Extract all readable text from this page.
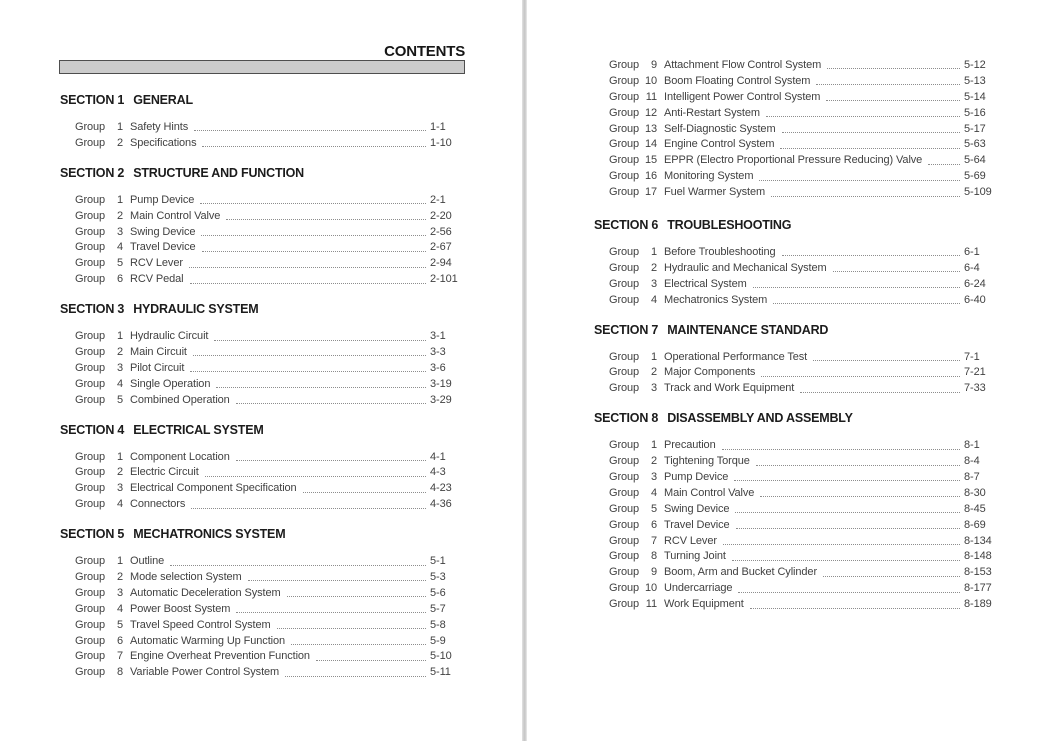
CONTENTS
SECTION 1 GENERAL
Group	1 Safety Hints	1-1
Group	2 Specifications	1-10
SECTION 2 STRUCTURE AND FUNCTION
Group	1 Pump Device	2-1
Group	2 Main Control Valve	2-20
Group	3 Swing Device	2-56
Group	4 Travel Device	2-67
Group	5 RCV Lever	2-94
Group	6 RCV Pedal	2-101
SECTION 3 HYDRAULIC SYSTEM
Group	1 Hydraulic Circuit	3-1
Group	2 Main Circuit	3-3
Group	3 Pilot Circuit	3-6
Group	4 Single Operation	3-19
Group	5 Combined Operation	3-29
SECTION 4 ELECTRICAL SYSTEM
Group	1 Component Location	4-1
Group	2 Electric Circuit	4-3
Group	3 Electrical Component Specification	4-23
Group	4 Connectors	4-36
SECTION 5 MECHATRONICS SYSTEM
Group	1 Outline	5-1
Group	2 Mode selection System	5-3
Group	3 Automatic Deceleration System	5-6
Group	4 Power Boost System	5-7
Group	5 Travel Speed Control System	5-8
Group	6 Automatic Warming Up Function	5-9
Group	7 Engine Overheat Prevention Function	5-10
Group	8 Variable Power Control System	5-11
Group	9 Attachment Flow Control System	5-12
Group 10 Boom Floating Control System	5-13
Group 11 Intelligent Power Control System	5-14
Group 12 Anti-Restart System	5-16
Group 13 Self-Diagnostic System	5-17
Group 14 Engine Control System	5-63
Group 15 EPPR (Electro Proportional Pressure Reducing) Valve	5-64
Group 16 Monitoring System	5-69
Group 17 Fuel Warmer System	5-109
SECTION 6 TROUBLESHOOTING
Group	1 Before Troubleshooting	6-1
Group	2 Hydraulic and Mechanical System	6-4
Group	3 Electrical System	6-24
Group	4 Mechatronics System	6-40
SECTION 7 MAINTENANCE STANDARD
Group	1 Operational Performance Test	7-1
Group	2 Major Components	7-21
Group	3 Track and Work Equipment	7-33
SECTION 8 DISASSEMBLY AND ASSEMBLY
Group	1 Precaution	8-1
Group	2 Tightening Torque	8-4
Group	3 Pump Device	8-7
Group	4 Main Control Valve	8-30
Group	5 Swing Device	8-45
Group	6 Travel Device	8-69
Group	7 RCV Lever	8-134
Group	8 Turning Joint	8-148
Group	9 Boom, Arm and Bucket Cylinder	8-153
Group 10 Undercarriage	8-177
Group 11 Work Equipment	8-189
